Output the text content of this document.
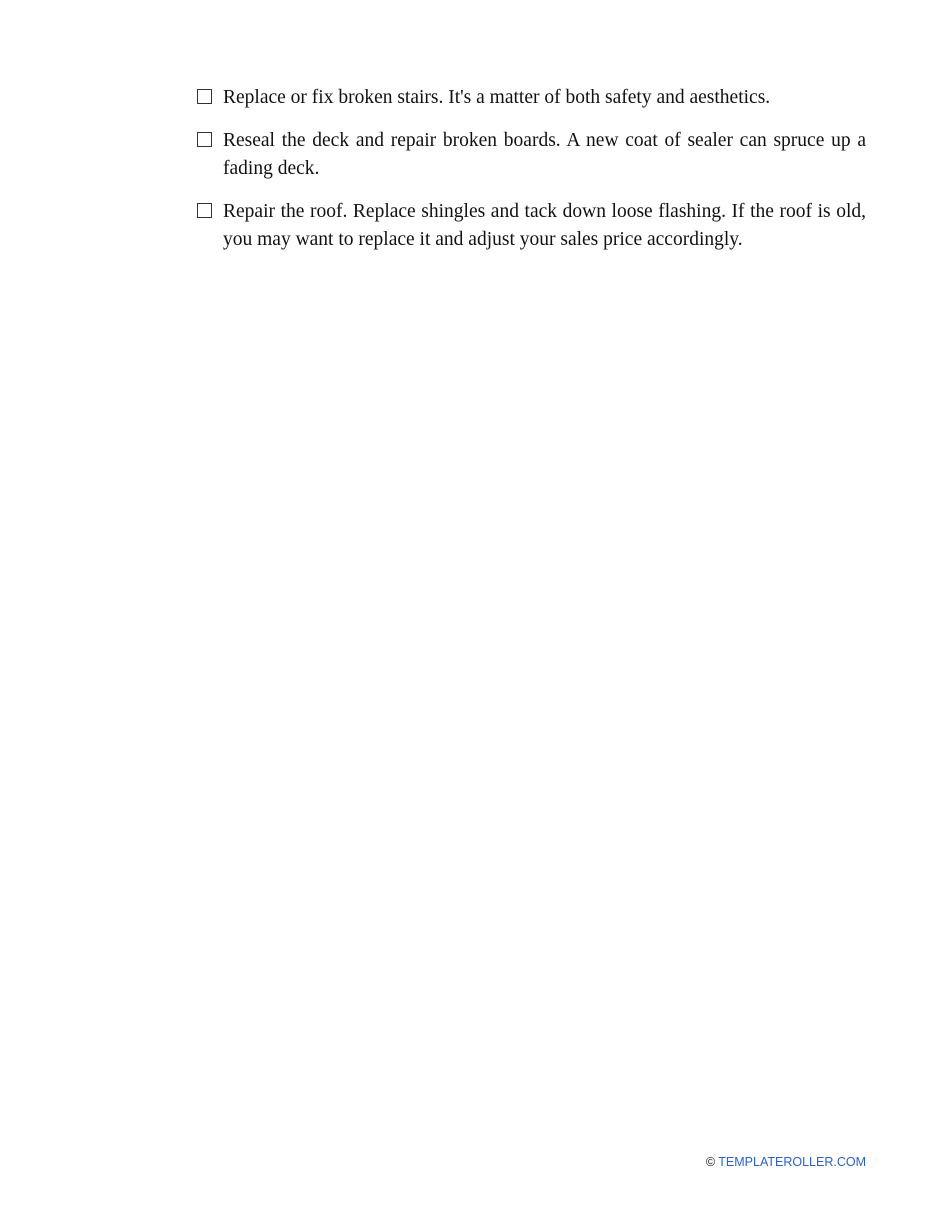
Replace or fix broken stairs. It's a matter of both safety and aesthetics.
Reseal the deck and repair broken boards. A new coat of sealer can spruce up a fading deck.
Repair the roof. Replace shingles and tack down loose flashing. If the roof is old, you may want to replace it and adjust your sales price accordingly.
© TEMPLATEROLLER.COM
